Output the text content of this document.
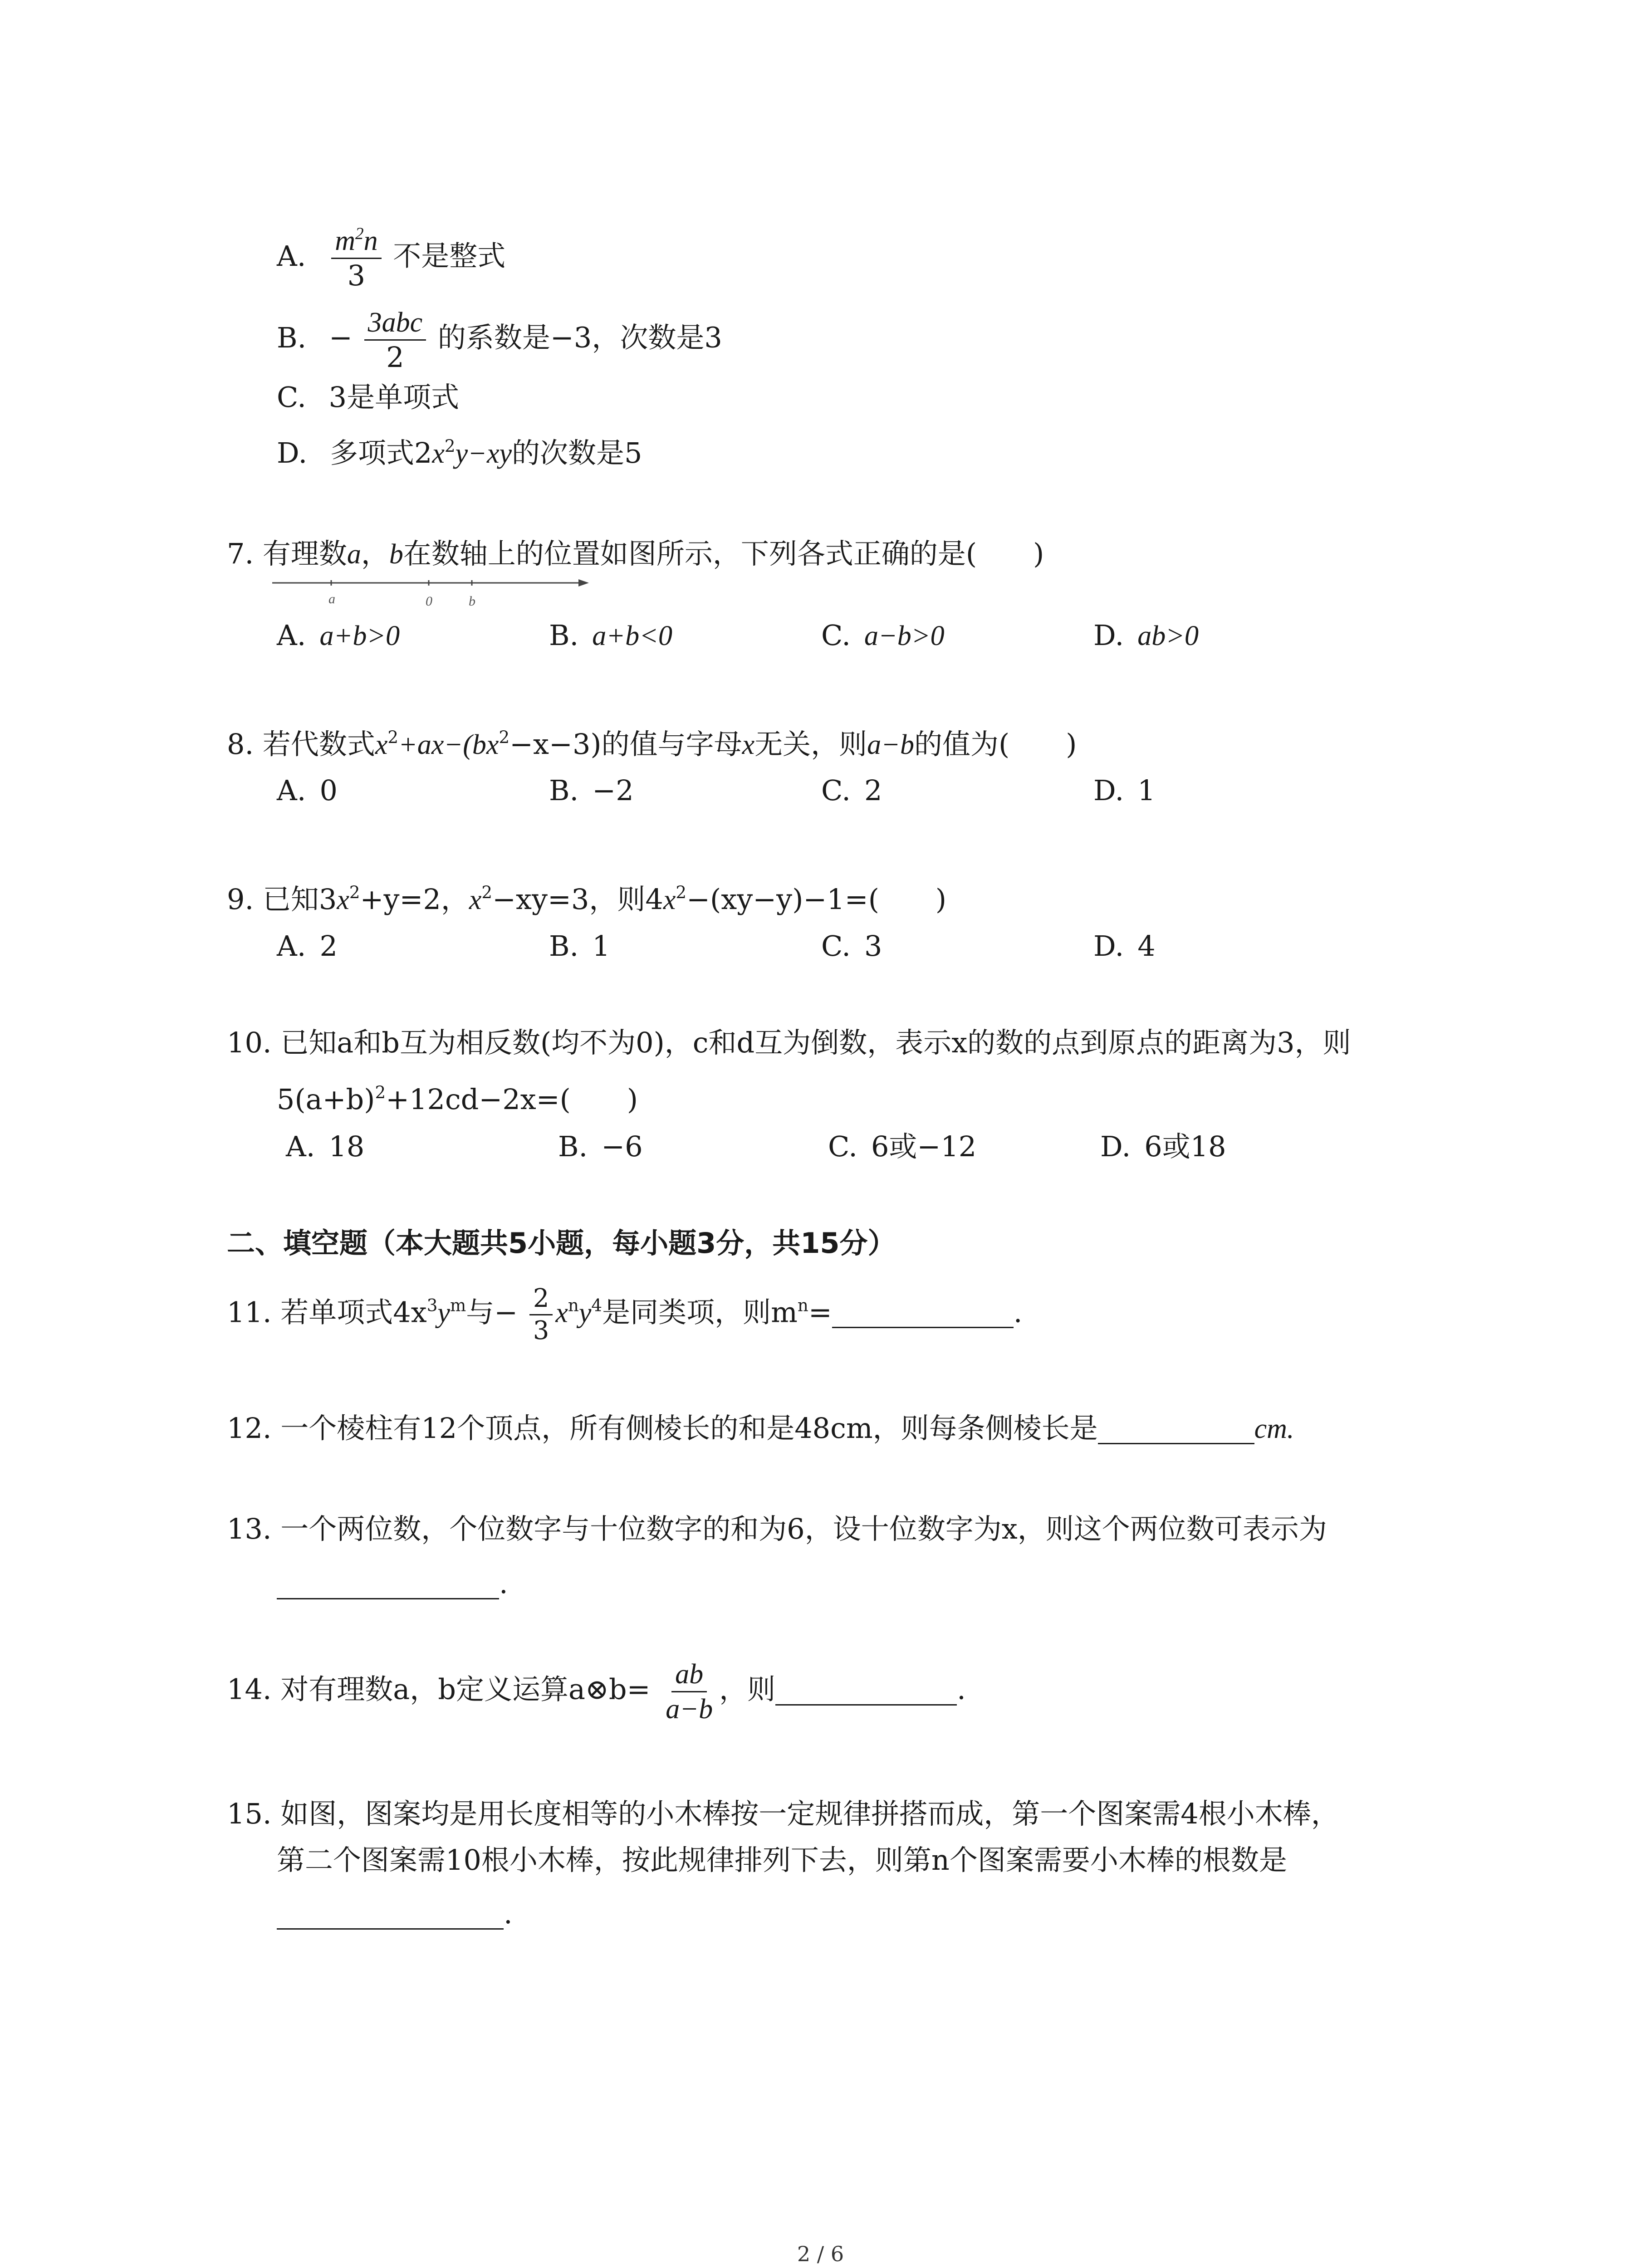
A. $\frac{m^2n}{3}$ 不是整式
B. − $\frac{\text{3abc}}{2}$ 的系数是−3，次数是3
C. 3是单项式
D. 多项式$2x^2y-xy$的次数是5
7. 有理数a，b在数轴上的位置如图所示，下列各式正确的是(　　)
a	0	b
A. a+b>0	B. a+b<0	C. a−b>0	D. ab>0
8. 若代数式$x^2+ax-(bx^2-x-3)$的值与字母x无关，则a−b的值为(　　)
A. 0	B. −2	C. 2	D. 1
9. 已知$3x^2+y=2$，$x^2-xy=3$，则$4x^2-(xy-y)-1=$(　　)
A. 2	B. 1	C. 3	D. 4
10. 已知a和b互为相反数(均不为0)，c和d互为倒数，表示x的数的点到原点的距离为3，则
$5(a+b)^2+12cd-2x=$(　　)
A. 18	B. −6	C. 6或−12	D. 6或18
二、填空题（本大题共5小题，每小题3分，共15分）
11. 若单项式$4x^3y^m$与− $\frac{2}{3} x^ny^4$是同类项，则$m^n=$	.
12. 一个棱柱有12个顶点，所有侧棱长的和是48cm，则每条侧棱长是	cm.
13. 一个两位数，个位数字与十位数字的和为6，设十位数字为x，则这个两位数可表示为
.
14. 对有理数a，b定义运算a⊗b= $\frac{ab}{a-b}$ ，则	.
15. 如图，图案均是用长度相等的小木棒按一定规律拼搭而成，第一个图案需4根小木棒，
第二个图案需10根小木棒，按此规律排列下去，则第n个图案需要小木棒的根数是
.
2 / 6
